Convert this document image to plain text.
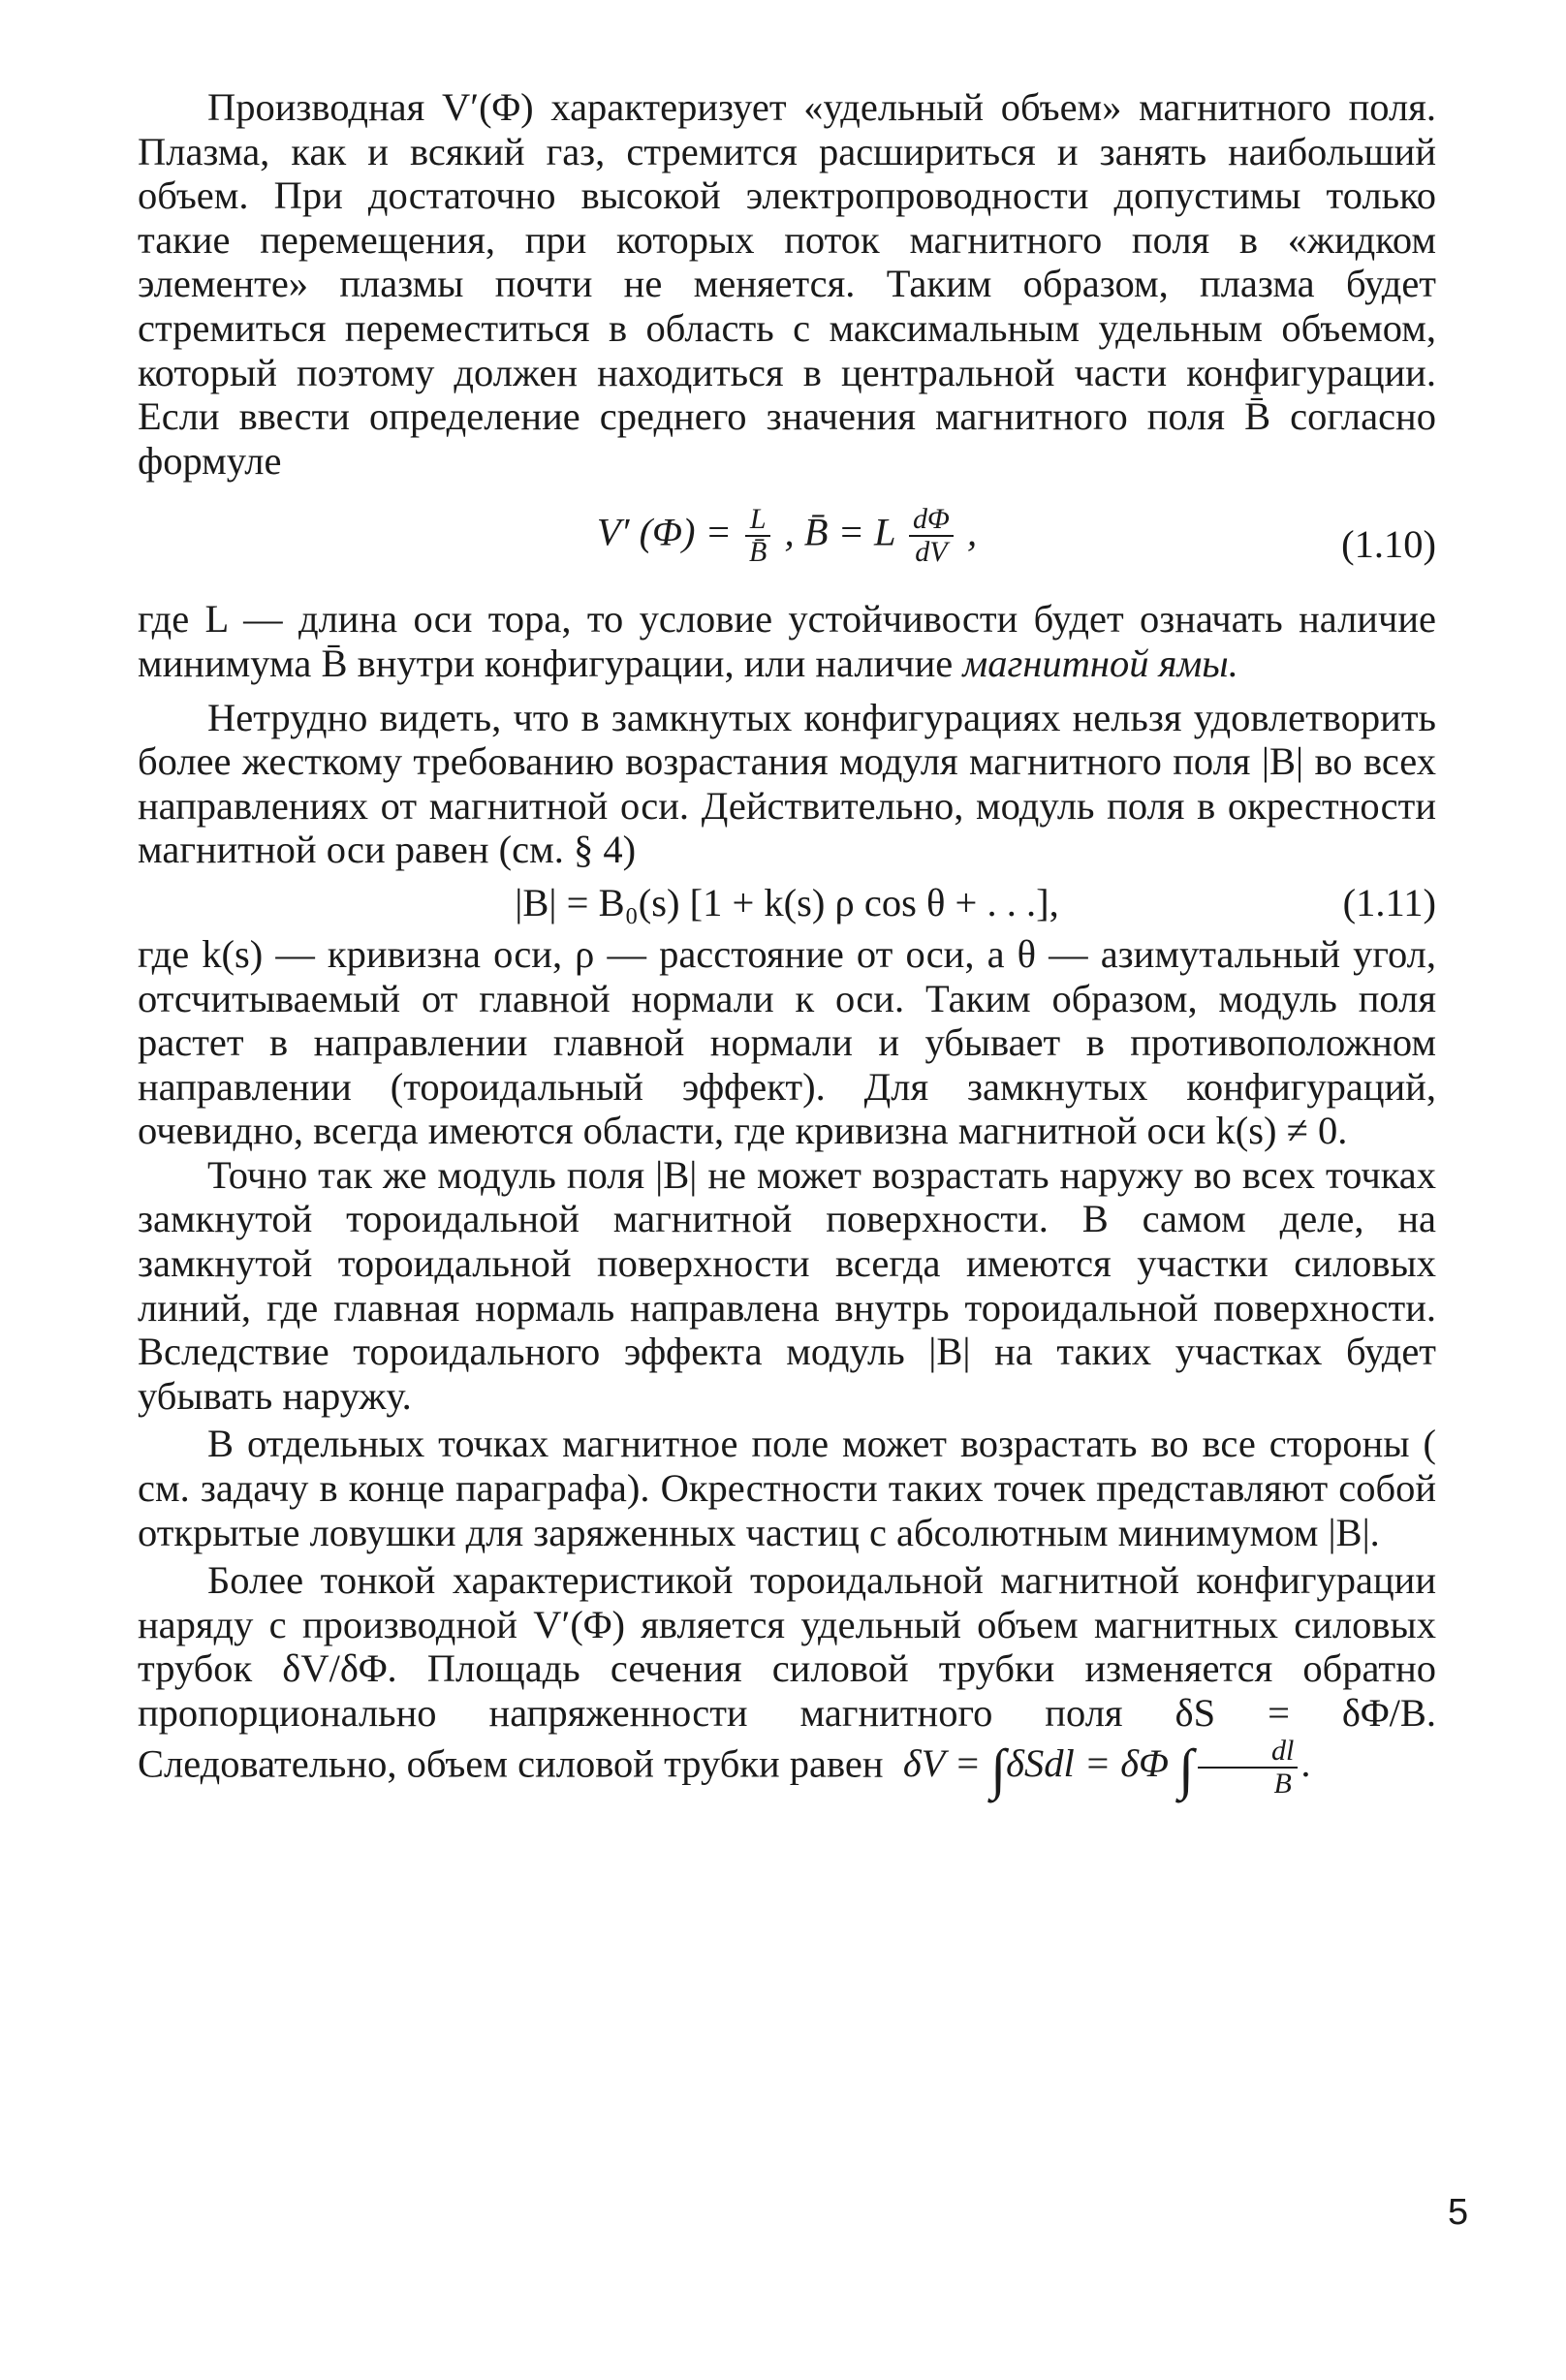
Производная V′(Φ) характеризует «удельный объем» магнитного поля. Плазма, как и всякий газ, стремится расшириться и занять наибольший объем. При достаточно высокой электропроводности допустимы только такие перемещения, при которых поток магнитного поля в «жидком элементе» плазмы почти не меняется. Таким образом, плазма будет стремиться переместиться в область с максимальным удельным объемом, который поэтому должен находиться в центральной части конфигурации. Если ввести определение среднего значения магнитного поля B̄ согласно формуле

V′ $(\Phi) = \frac{L}{B̄}$ , B̄ = L $\frac{d\Phi}{dV}$ ,	(1.10)

где L — длина оси тора, то условие устойчивости будет означать наличие минимума B̄ внутри конфигурации, или наличие магнитной ямы.

Нетрудно видеть, что в замкнутых конфигурациях нельзя удовлетворить более жесткому требованию возрастания модуля магнитного поля |B| во всех направлениях от магнитной оси. Действительно, модуль поля в окрестности магнитной оси равен (см. § 4)

|B| = B₀(s) [1 + k(s) ρ cos θ + . . .],	(1.11)

где k(s) — кривизна оси, ρ — расстояние от оси, а θ — азимутальный угол, отсчитываемый от главной нормали к оси. Таким образом, модуль поля растет в направлении главной нормали и убывает в противоположном направлении (тороидальный эффект). Для замкнутых конфигураций, очевидно, всегда имеются области, где кривизна магнитной оси k(s) ≠ 0.

Точно так же модуль поля |B| не может возрастать наружу во всех точках замкнутой тороидальной магнитной поверхности. В самом деле, на замкнутой тороидальной поверхности всегда имеются участки силовых линий, где главная нормаль направлена внутрь тороидальной поверхности. Вследствие тороидального эффекта модуль |B| на таких участках будет убывать наружу.

В отдельных точках магнитное поле может возрастать во все стороны ( см. задачу в конце параграфа). Окрестности таких точек представляют собой открытые ловушки для заряженных частиц с абсолютным минимумом |B|.

Более тонкой характеристикой тороидальной магнитной конфигурации наряду с производной V′(Φ) является удельный объем магнитных силовых трубок δV/δΦ. Площадь сечения силовой трубки изменяется обратно пропорционально напряженности магнитного поля δS = δΦ/B. Следовательно, объем силовой трубки равен δV = ∫δSdl = δΦ ∫ $\frac{dl}{B}$ .

5
